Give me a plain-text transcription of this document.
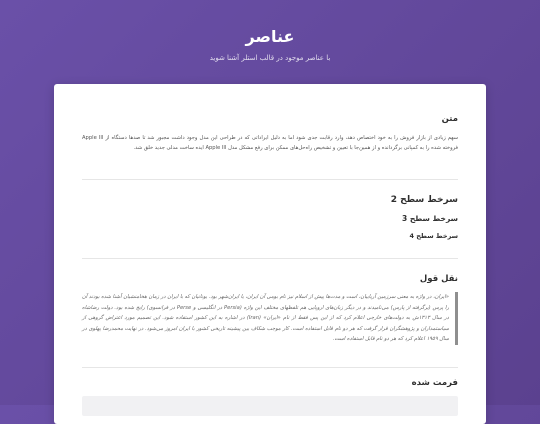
عناصر

با عناصر موجود در قالب استلر آشنا شوید

متن

سهم زیادی از بازار فروش را به خود اختصاص دهد، وارد رقابت جدی شود اما به دلیل ایراداتی که در طراحی این مدل وجود داشت مجبور شد تا صدها دستگاه از Apple III فروخته شده را به کمپانی برگردانده و از همین‌جا با تعیین و تشخیص راه‌حل‌های ممکن برای رفع مشکل مدل Apple III ایده ساخت مدلی جدید خلق شد.

سرخط سطح 2
سرخط سطح 3
سرخط سطح 4
نقل قول
«ایران، در واژه به معنی سرزمین آریاییان، است و مدت‌ها پیش از اسلام نیز نام بومی آن ایران، یا ایران‌شهر بود. یونانیان که با ایران در زمان هخامنشیان آشنا شده بودند آن را پرس (برگرفته از پارس) می‌نامیدند و در دیگر زبان‌های اروپایی هم تلفظهای مختلف این واژه (Persia در انگلیسی و Perse در فرانسوی) رایج شده بود. دولت رضاشاه در سال ۱۳۱۳ش به دولت‌های خارجی اعلام کرد که از این پس فقط از نام «ایران» (Iran) در اشاره به این کشور استفاده شود. این تصمیم مورد اعتراض گروهی از سیاستمداران و پژوهشگران قرار گرفت که هر دو نام قابل استفاده است. کار موجب شکاف بین پیشینه تاریخی کشور با ایران امروز می‌شود. در نهایت محمدرضا پهلوی در سال ۱۹۵۹ اعلام کرد که هر دو نام قابل استفاده است.
فرمت شده
